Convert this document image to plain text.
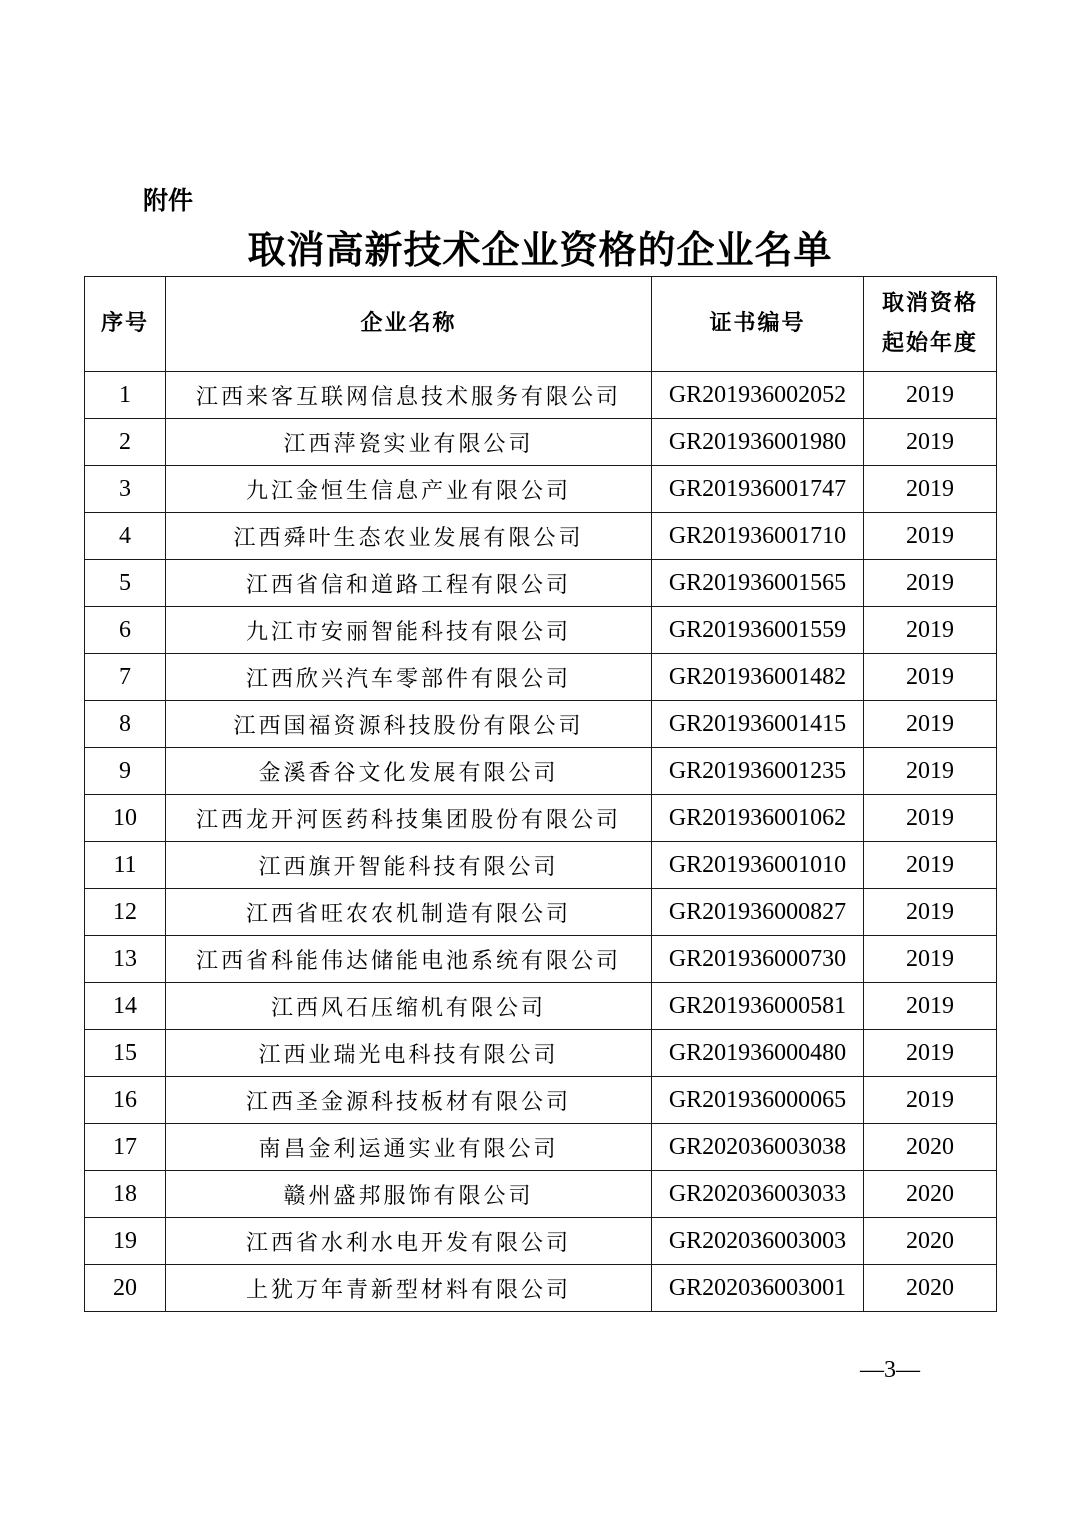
附件
取消高新技术企业资格的企业名单
序号	企业名称	证书编号	取消资格
起始年度

1	江西来客互联网信息技术服务有限公司	GR201936002052	2019
2	江西萍瓷实业有限公司	GR201936001980	2019
3	九江金恒生信息产业有限公司	GR201936001747	2019
4	江西舜叶生态农业发展有限公司	GR201936001710	2019
5	江西省信和道路工程有限公司	GR201936001565	2019
6	九江市安丽智能科技有限公司	GR201936001559	2019
7	江西欣兴汽车零部件有限公司	GR201936001482	2019
8	江西国福资源科技股份有限公司	GR201936001415	2019
9	金溪香谷文化发展有限公司	GR201936001235	2019
10	江西龙开河医药科技集团股份有限公司	GR201936001062	2019
11	江西旗开智能科技有限公司	GR201936001010	2019
12	江西省旺农农机制造有限公司	GR201936000827	2019
13	江西省科能伟达储能电池系统有限公司	GR201936000730	2019
14	江西风石压缩机有限公司	GR201936000581	2019
15	江西业瑞光电科技有限公司	GR201936000480	2019
16	江西圣金源科技板材有限公司	GR201936000065	2019
17	南昌金利运通实业有限公司	GR202036003038	2020
18	赣州盛邦服饰有限公司	GR202036003033	2020
19	江西省水利水电开发有限公司	GR202036003003	2020
20	上犹万年青新型材料有限公司	GR202036003001	2020
—3—
